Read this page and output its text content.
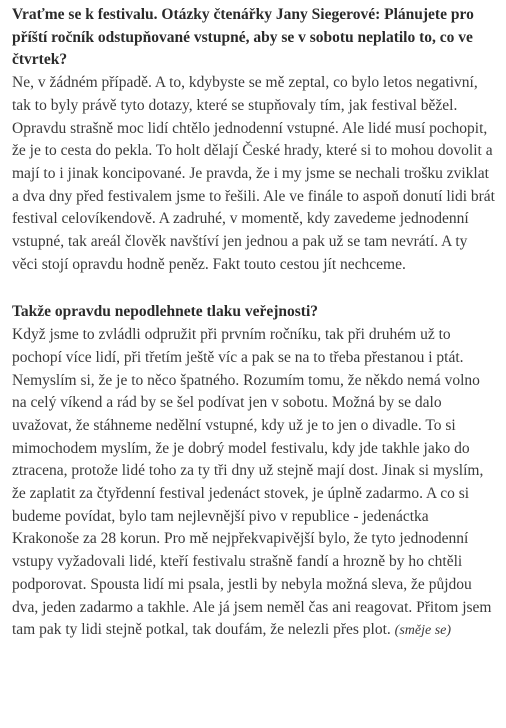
Vraťme se k festivalu. Otázky čtenářky Jany Siegerové: Plánujete pro příští ročník odstupňované vstupné, aby se v sobotu neplatilo to, co ve čtvrtek?

Ne, v žádném případě. A to, kdybyste se mě zeptal, co bylo letos negativní, tak to byly právě tyto dotazy, které se stupňovaly tím, jak festival běžel. Opravdu strašně moc lidí chtělo jednodenní vstupné. Ale lidé musí pochopit, že je to cesta do pekla. To holt dělají České hrady, které si to mohou dovolit a mají to i jinak koncipované. Je pravda, že i my jsme se nechali trošku zviklat a dva dny před festivalem jsme to řešili. Ale ve finále to aspoň donutí lidi brát festival celovíkendově. A zadruhé, v momentě, kdy zavedeme jednodenní vstupné, tak areál člověk navštíví jen jednou a pak už se tam nevrátí. A ty věci stojí opravdu hodně peněz. Fakt touto cestou jít nechceme.

Takže opravdu nepodlehnete tlaku veřejnosti?

Když jsme to zvládli odpružit při prvním ročníku, tak při druhém už to pochopí více lidí, při třetím ještě víc a pak se na to třeba přestanou i ptát. Nemyslím si, že je to něco špatného. Rozumím tomu, že někdo nemá volno na celý víkend a rád by se šel podívat jen v sobotu. Možná by se dalo uvažovat, že stáhneme nedělní vstupné, kdy už je to jen o divadle. To si mimochodem myslím, že je dobrý model festivalu, kdy jde takhle jako do ztracena, protože lidé toho za ty tři dny už stejně mají dost. Jinak si myslím, že zaplatit za čtyřdenní festival jedenáct stovek, je úplně zadarmo. A co si budeme povídat, bylo tam nejlevnější pivo v republice - jedenáctka Krakonoše za 28 korun. Pro mě nejpřekvapivější bylo, že tyto jednodenní vstupy vyžadovali lidé, kteří festivalu strašně fandí a hrozně by ho chtěli podporovat. Spousta lidí mi psala, jestli by nebyla možná sleva, že půjdou dva, jeden zadarmo a takhle. Ale já jsem neměl čas ani reagovat. Přitom jsem tam pak ty lidi stejně potkal, tak doufám, že nelezli přes plot. (směje se)
